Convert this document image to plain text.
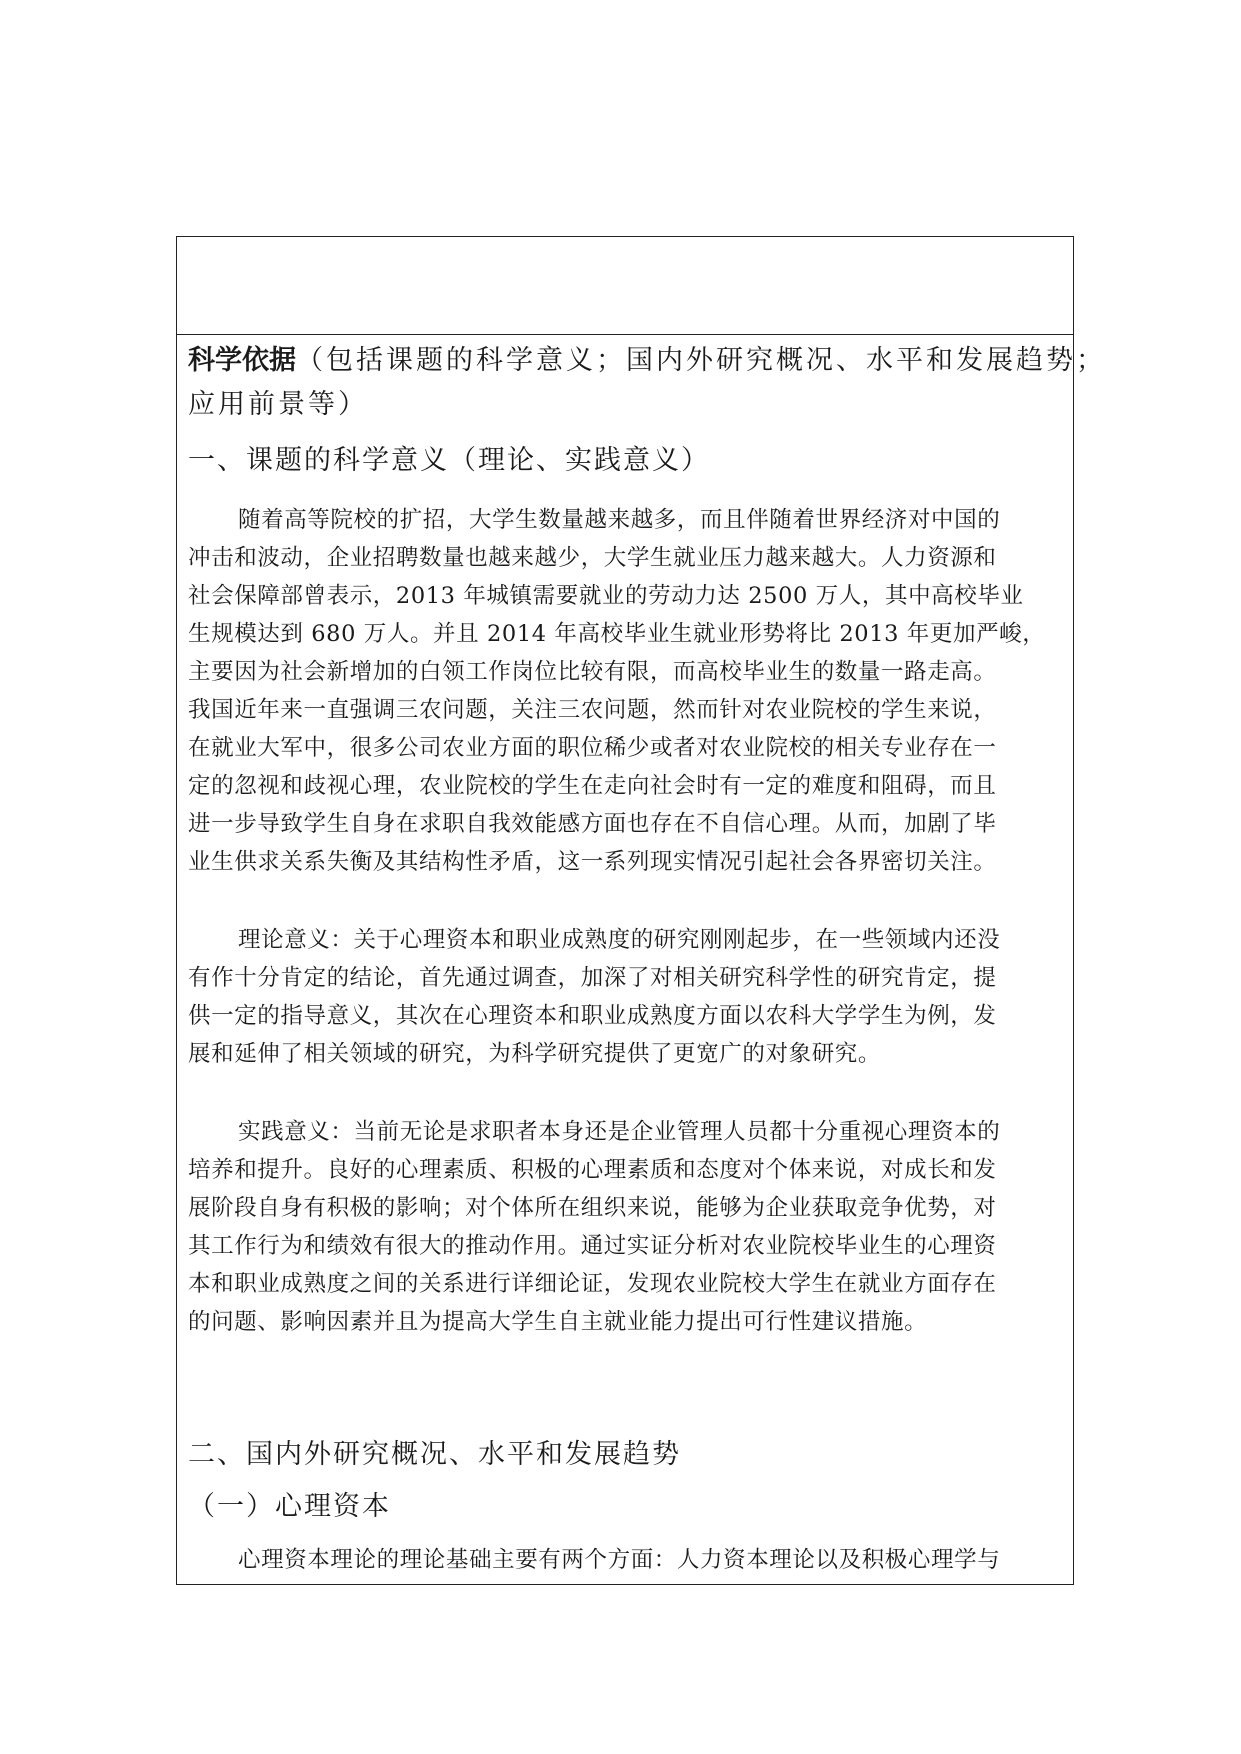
科学依据（包括课题的科学意义；国内外研究概况、水平和发展趋势；
应用前景等）
一、课题的科学意义（理论、实践意义）
随着高等院校的扩招，大学生数量越来越多，而且伴随着世界经济对中国的
冲击和波动，企业招聘数量也越来越少，大学生就业压力越来越大。人力资源和
社会保障部曾表示，2013 年城镇需要就业的劳动力达 2500 万人，其中高校毕业
生规模达到 680 万人。并且 2014 年高校毕业生就业形势将比 2013 年更加严峻，
主要因为社会新增加的白领工作岗位比较有限，而高校毕业生的数量一路走高。
我国近年来一直强调三农问题，关注三农问题，然而针对农业院校的学生来说，
在就业大军中，很多公司农业方面的职位稀少或者对农业院校的相关专业存在一
定的忽视和歧视心理，农业院校的学生在走向社会时有一定的难度和阻碍，而且
进一步导致学生自身在求职自我效能感方面也存在不自信心理。从而，加剧了毕
业生供求关系失衡及其结构性矛盾，这一系列现实情况引起社会各界密切关注。
理论意义：关于心理资本和职业成熟度的研究刚刚起步，在一些领域内还没
有作十分肯定的结论，首先通过调查，加深了对相关研究科学性的研究肯定，提
供一定的指导意义，其次在心理资本和职业成熟度方面以农科大学学生为例，发
展和延伸了相关领域的研究，为科学研究提供了更宽广的对象研究。
实践意义：当前无论是求职者本身还是企业管理人员都十分重视心理资本的
培养和提升。良好的心理素质、积极的心理素质和态度对个体来说，对成长和发
展阶段自身有积极的影响；对个体所在组织来说，能够为企业获取竞争优势，对
其工作行为和绩效有很大的推动作用。通过实证分析对农业院校毕业生的心理资
本和职业成熟度之间的关系进行详细论证，发现农业院校大学生在就业方面存在
的问题、影响因素并且为提高大学生自主就业能力提出可行性建议措施。
二、国内外研究概况、水平和发展趋势
（一）心理资本
心理资本理论的理论基础主要有两个方面：人力资本理论以及积极心理学与
